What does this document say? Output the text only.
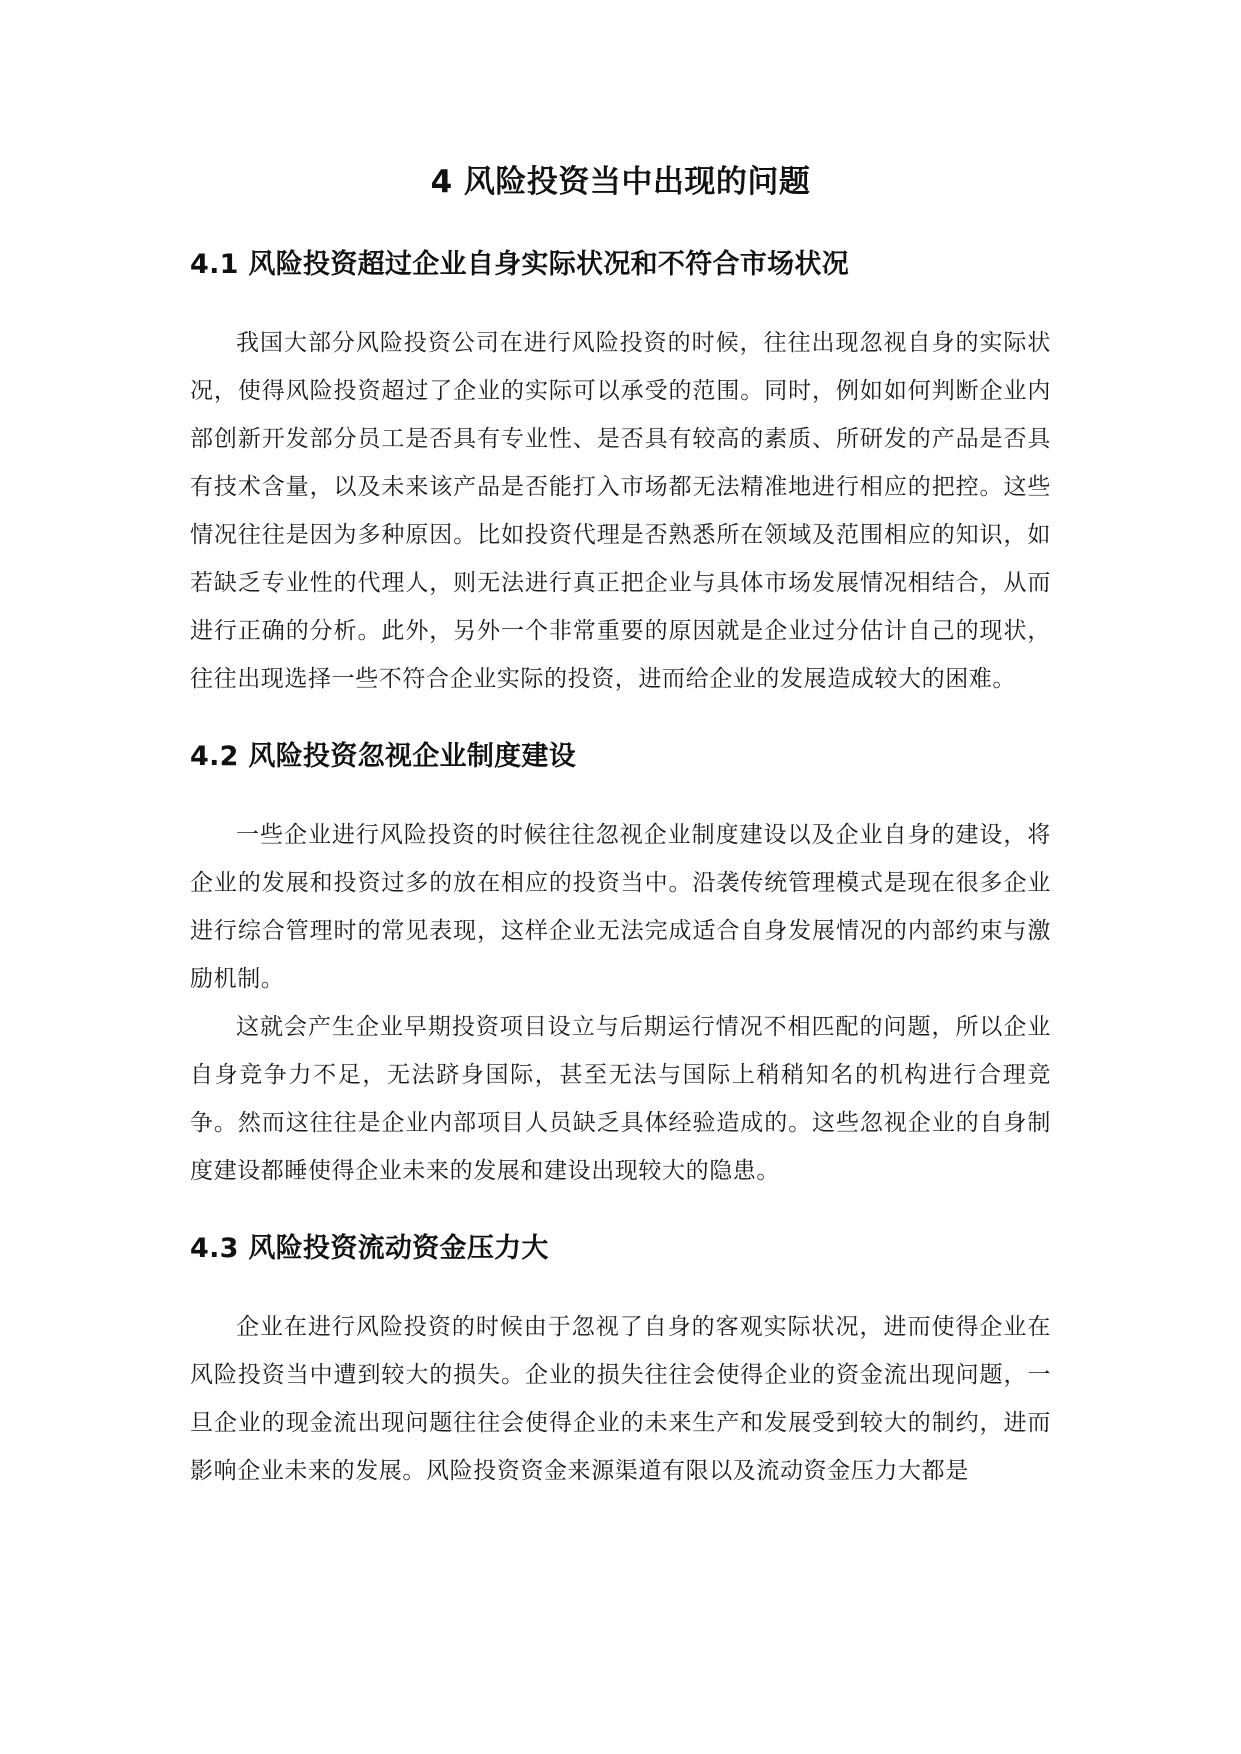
4 风险投资当中出现的问题
4.1 风险投资超过企业自身实际状况和不符合市场状况

我国大部分风险投资公司在进行风险投资的时候，往往出现忽视自身的实际状况，使得风险投资超过了企业的实际可以承受的范围。同时，例如如何判断企业内部创新开发部分员工是否具有专业性、是否具有较高的素质、所研发的产品是否具有技术含量，以及未来该产品是否能打入市场都无法精准地进行相应的把控。这些情况往往是因为多种原因。比如投资代理是否熟悉所在领域及范围相应的知识，如若缺乏专业性的代理人，则无法进行真正把企业与具体市场发展情况相结合，从而进行正确的分析。此外，另外一个非常重要的原因就是企业过分估计自己的现状，往往出现选择一些不符合企业实际的投资，进而给企业的发展造成较大的困难。

4.2 风险投资忽视企业制度建设

一些企业进行风险投资的时候往往忽视企业制度建设以及企业自身的建设，将企业的发展和投资过多的放在相应的投资当中。沿袭传统管理模式是现在很多企业进行综合管理时的常见表现，这样企业无法完成适合自身发展情况的内部约束与激励机制。

这就会产生企业早期投资项目设立与后期运行情况不相匹配的问题，所以企业自身竞争力不足，无法跻身国际，甚至无法与国际上稍稍知名的机构进行合理竞争。然而这往往是企业内部项目人员缺乏具体经验造成的。这些忽视企业的自身制度建设都睡使得企业未来的发展和建设出现较大的隐患。

4.3 风险投资流动资金压力大

企业在进行风险投资的时候由于忽视了自身的客观实际状况，进而使得企业在风险投资当中遭到较大的损失。企业的损失往往会使得企业的资金流出现问题，一旦企业的现金流出现问题往往会使得企业的未来生产和发展受到较大的制约，进而影响企业未来的发展。风险投资资金来源渠道有限以及流动资金压力大都是
